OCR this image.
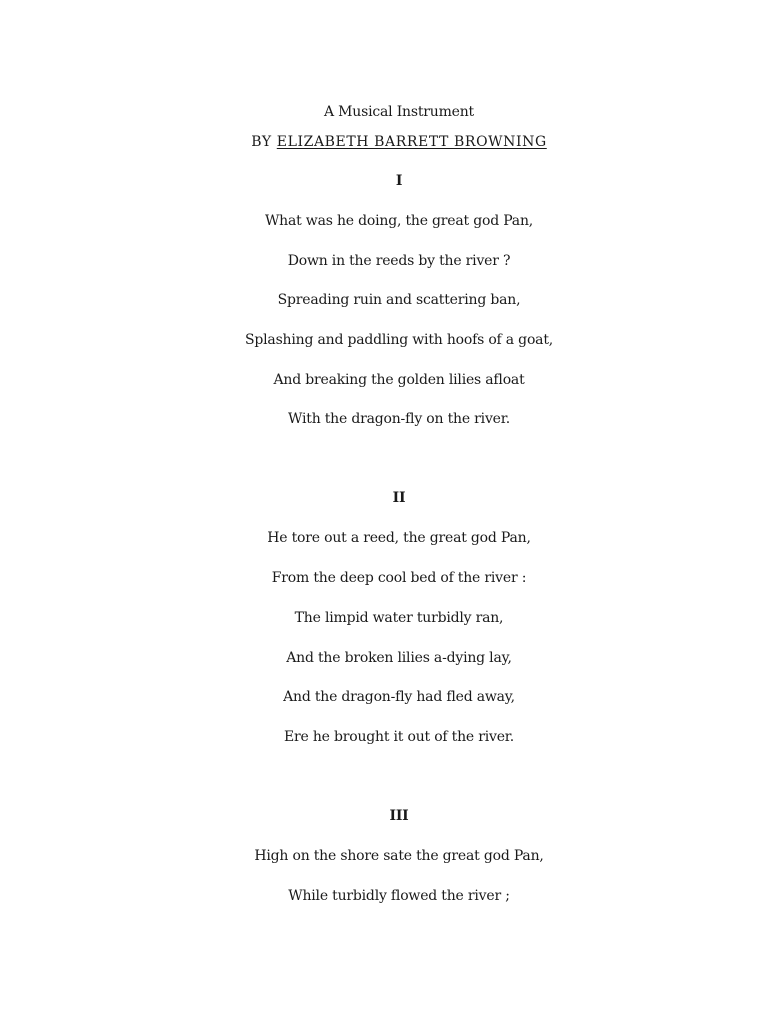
A Musical Instrument
BY ELIZABETH BARRETT BROWNING
I
What was he doing, the great god Pan,
Down in the reeds by the river ?
Spreading ruin and scattering ban,
Splashing and paddling with hoofs of a goat,
And breaking the golden lilies afloat
With the dragon-fly on the river.
II
He tore out a reed, the great god Pan,
From the deep cool bed of the river :
The limpid water turbidly ran,
And the broken lilies a-dying lay,
And the dragon-fly had fled away,
Ere he brought it out of the river.
III
High on the shore sate the great god Pan,
While turbidly flowed the river ;
